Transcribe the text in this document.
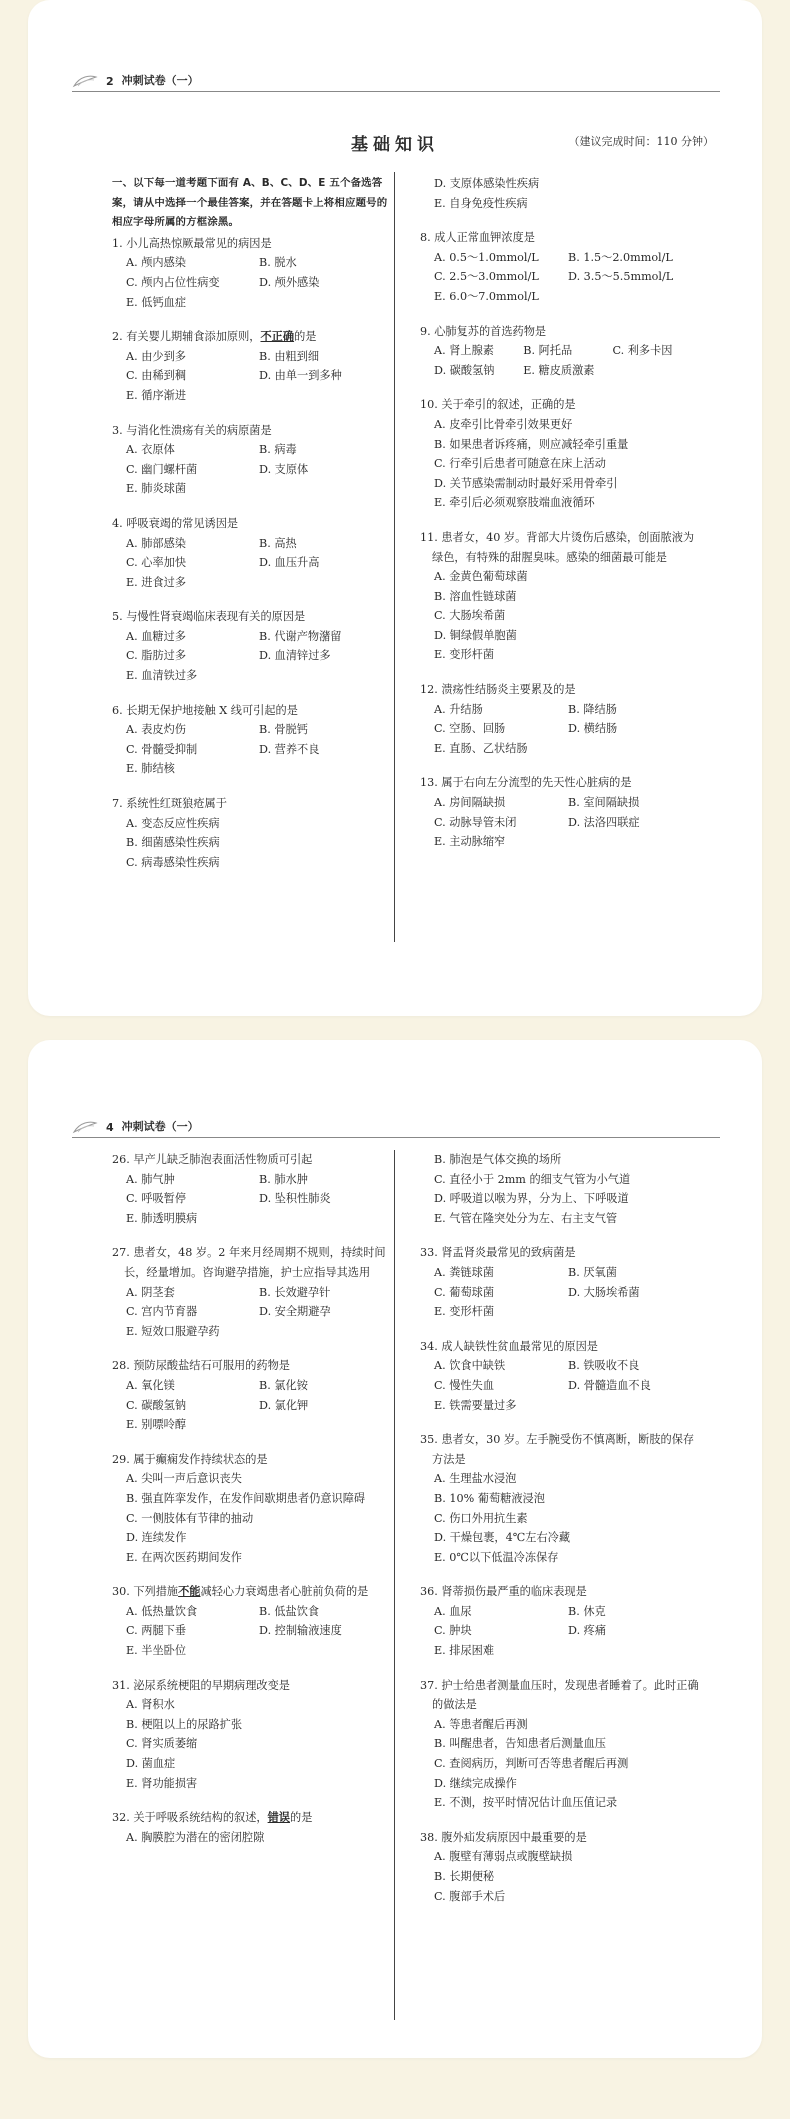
2 冲刺试卷（一）
基础知识	（建议完成时间：110 分钟）
一、以下每一道考题下面有 A、B、C、D、E 五个备选答案，请从中选择一个最佳答案，并在答题卡上将相应题号的相应字母所属的方框涂黑。
1. 小儿高热惊厥最常见的病因是
A. 颅内感染	B. 脱水
C. 颅内占位性病变	D. 颅外感染
E. 低钙血症
2. 有关婴儿期辅食添加原则，不正确的是
A. 由少到多	B. 由粗到细
C. 由稀到稠	D. 由单一到多种
E. 循序渐进
3. 与消化性溃疡有关的病原菌是
A. 衣原体	B. 病毒
C. 幽门螺杆菌	D. 支原体
E. 肺炎球菌
4. 呼吸衰竭的常见诱因是
A. 肺部感染	B. 高热
C. 心率加快	D. 血压升高
E. 进食过多
5. 与慢性肾衰竭临床表现有关的原因是
A. 血糖过多	B. 代谢产物潴留
C. 脂肪过多	D. 血清锌过多
E. 血清铁过多
6. 长期无保护地接触 X 线可引起的是
A. 表皮灼伤	B. 骨脱钙
C. 骨髓受抑制	D. 营养不良
E. 肺结核
7. 系统性红斑狼疮属于
A. 变态反应性疾病
B. 细菌感染性疾病
C. 病毒感染性疾病
D. 支原体感染性疾病
E. 自身免疫性疾病
8. 成人正常血钾浓度是
A. 0.5～1.0mmol/L	B. 1.5～2.0mmol/L
C. 2.5～3.0mmol/L	D. 3.5～5.5mmol/L
E. 6.0～7.0mmol/L
9. 心肺复苏的首选药物是
A. 肾上腺素	B. 阿托品	C. 利多卡因
D. 碳酸氢钠	E. 糖皮质激素
10. 关于牵引的叙述，正确的是
A. 皮牵引比骨牵引效果更好
B. 如果患者诉疼痛，则应减轻牵引重量
C. 行牵引后患者可随意在床上活动
D. 关节感染需制动时最好采用骨牵引
E. 牵引后必须观察肢端血液循环
11. 患者女，40 岁。背部大片烫伤后感染，创面脓液为绿色，有特殊的甜腥臭味。感染的细菌最可能是
A. 金黄色葡萄球菌
B. 溶血性链球菌
C. 大肠埃希菌
D. 铜绿假单胞菌
E. 变形杆菌
12. 溃疡性结肠炎主要累及的是
A. 升结肠	B. 降结肠
C. 空肠、回肠	D. 横结肠
E. 直肠、乙状结肠
13. 属于右向左分流型的先天性心脏病的是
A. 房间隔缺损	B. 室间隔缺损
C. 动脉导管未闭	D. 法洛四联症
E. 主动脉缩窄
4 冲刺试卷（一）
26. 早产儿缺乏肺泡表面活性物质可引起
A. 肺气肿	B. 肺水肿
C. 呼吸暂停	D. 坠积性肺炎
E. 肺透明膜病
27. 患者女，48 岁。2 年来月经周期不规则，持续时间长，经量增加。咨询避孕措施，护士应指导其选用
A. 阴茎套	B. 长效避孕针
C. 宫内节育器	D. 安全期避孕
E. 短效口服避孕药
28. 预防尿酸盐结石可服用的药物是
A. 氧化镁	B. 氯化铵
C. 碳酸氢钠	D. 氯化钾
E. 别嘌呤醇
29. 属于癫痫发作持续状态的是
A. 尖叫一声后意识丧失
B. 强直阵挛发作，在发作间歇期患者仍意识障碍
C. 一侧肢体有节律的抽动
D. 连续发作
E. 在两次医药期间发作
30. 下列措施不能减轻心力衰竭患者心脏前负荷的是
A. 低热量饮食	B. 低盐饮食
C. 两腿下垂	D. 控制输液速度
E. 半坐卧位
31. 泌尿系统梗阻的早期病理改变是
A. 肾积水
B. 梗阻以上的尿路扩张
C. 肾实质萎缩
D. 菌血症
E. 肾功能损害
32. 关于呼吸系统结构的叙述，错误的是
A. 胸膜腔为潜在的密闭腔隙
B. 肺泡是气体交换的场所
C. 直径小于 2mm 的细支气管为小气道
D. 呼吸道以喉为界，分为上、下呼吸道
E. 气管在隆突处分为左、右主支气管
33. 肾盂肾炎最常见的致病菌是
A. 粪链球菌	B. 厌氧菌
C. 葡萄球菌	D. 大肠埃希菌
E. 变形杆菌
34. 成人缺铁性贫血最常见的原因是
A. 饮食中缺铁	B. 铁吸收不良
C. 慢性失血	D. 骨髓造血不良
E. 铁需要量过多
35. 患者女，30 岁。左手腕受伤不慎离断，断肢的保存方法是
A. 生理盐水浸泡
B. 10% 葡萄糖液浸泡
C. 伤口外用抗生素
D. 干燥包裹，4℃左右冷藏
E. 0℃以下低温冷冻保存
36. 肾蒂损伤最严重的临床表现是
A. 血尿	B. 休克
C. 肿块	D. 疼痛
E. 排尿困难
37. 护士给患者测量血压时，发现患者睡着了。此时正确的做法是
A. 等患者醒后再测
B. 叫醒患者，告知患者后测量血压
C. 查阅病历，判断可否等患者醒后再测
D. 继续完成操作
E. 不测，按平时情况估计血压值记录
38. 腹外疝发病原因中最重要的是
A. 腹壁有薄弱点或腹壁缺损
B. 长期便秘
C. 腹部手术后
